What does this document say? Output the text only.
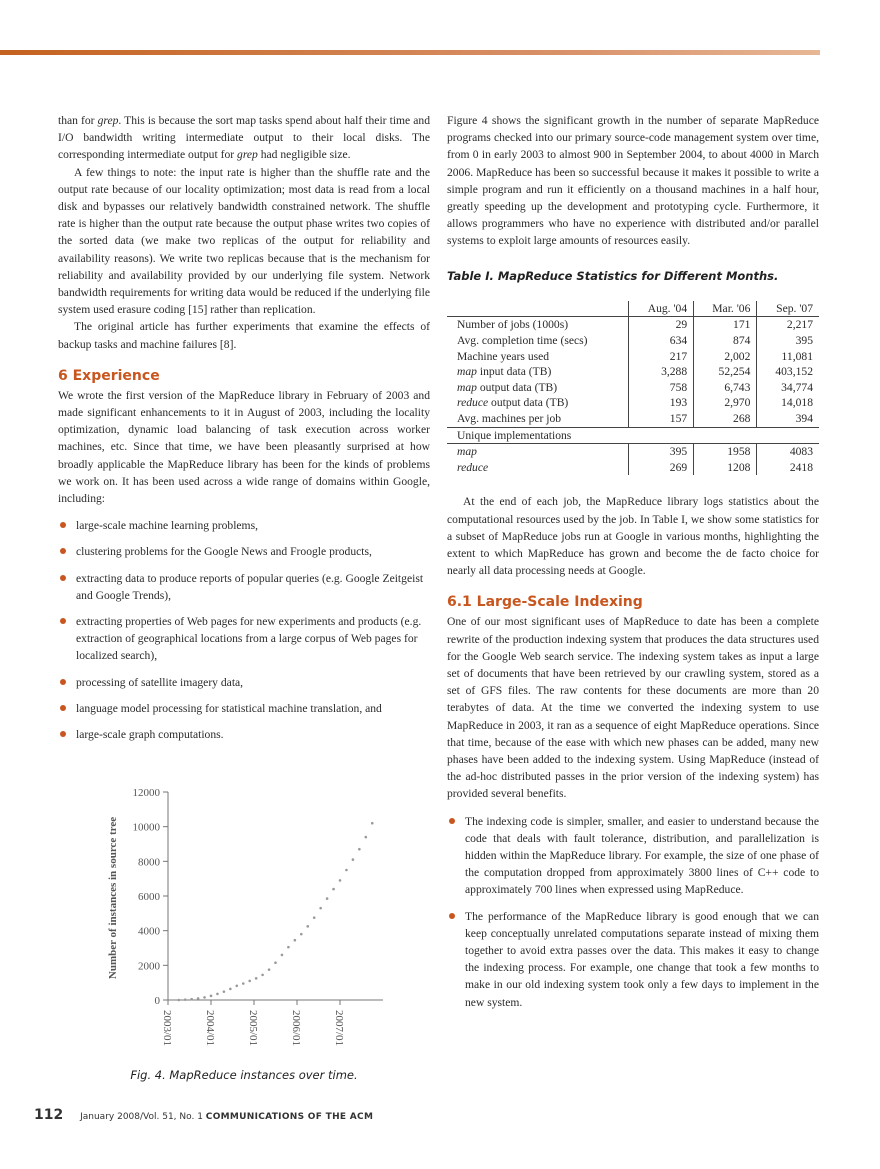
than for grep. This is because the sort map tasks spend about half their time and I/O bandwidth writing intermediate output to their local disks. The corresponding intermediate output for grep had negligible size.

A few things to note: the input rate is higher than the shuffle rate and the output rate because of our locality optimization; most data is read from a local disk and bypasses our relatively bandwidth constrained network. The shuffle rate is higher than the output rate because the output phase writes two copies of the sorted data (we make two replicas of the output for reliability and availability reasons). We write two replicas because that is the mechanism for reliability and availability provided by our underlying file system. Network bandwidth requirements for writing data would be reduced if the underlying file system used erasure coding [15] rather than replication.

The original article has further experiments that examine the effects of backup tasks and machine failures [8].

6 Experience

We wrote the first version of the MapReduce library in February of 2003 and made significant enhancements to it in August of 2003, including the locality optimization, dynamic load balancing of task execution across worker machines, etc. Since that time, we have been pleasantly surprised at how broadly applicable the MapReduce library has been for the kinds of problems we work on. It has been used across a wide range of domains within Google, including:

large-scale machine learning problems,
clustering problems for the Google News and Froogle products,
extracting data to produce reports of popular queries (e.g. Google Zeitgeist and Google Trends),
extracting properties of Web pages for new experiments and products (e.g. extraction of geographical locations from a large corpus of Web pages for localized search),
processing of satellite imagery data,
language model processing for statistical machine translation, and
large-scale graph computations.
Number of instances in source tree
0
2000
4000
6000
8000
10000
12000
2003/01	2004/01	2005/01	2006/01	2007/01
Fig. 4. MapReduce instances over time.

Figure 4 shows the significant growth in the number of separate MapReduce programs checked into our primary source-code management system over time, from 0 in early 2003 to almost 900 in September 2004, to about 4000 in March 2006. MapReduce has been so successful because it makes it possible to write a simple program and run it efficiently on a thousand machines in a half hour, greatly speeding up the development and prototyping cycle. Furthermore, it allows programmers who have no experience with distributed and/or parallel systems to exploit large amounts of resources easily.

Table I. MapReduce Statistics for Different Months.
	Aug. '04	Mar. '06	Sep. '07
Number of jobs (1000s)	29	171	2,217
Avg. completion time (secs)	634	874	395
Machine years used	217	2,002	11,081
map input data (TB)	3,288	52,254	403,152
map output data (TB)	758	6,743	34,774
reduce output data (TB)	193	2,970	14,018
Avg. machines per job	157	268	394
Unique implementations			
map	395	1958	4083
reduce	269	1208	2418

At the end of each job, the MapReduce library logs statistics about the computational resources used by the job. In Table I, we show some statistics for a subset of MapReduce jobs run at Google in various months, highlighting the extent to which MapReduce has grown and become the de facto choice for nearly all data processing needs at Google.

6.1 Large-Scale Indexing

One of our most significant uses of MapReduce to date has been a complete rewrite of the production indexing system that produces the data structures used for the Google Web search service. The indexing system takes as input a large set of documents that have been retrieved by our crawling system, stored as a set of GFS files. The raw contents for these documents are more than 20 terabytes of data. At the time we converted the indexing system to use MapReduce in 2003, it ran as a sequence of eight MapReduce operations. Since that time, because of the ease with which new phases can be added, many new phases have been added to the indexing system. Using MapReduce (instead of the ad-hoc distributed passes in the prior version of the indexing system) has provided several benefits.

The indexing code is simpler, smaller, and easier to understand because the code that deals with fault tolerance, distribution, and parallelization is hidden within the MapReduce library. For example, the size of one phase of the computation dropped from approximately 3800 lines of C++ code to approximately 700 lines when expressed using MapReduce.
The performance of the MapReduce library is good enough that we can keep conceptually unrelated computations separate instead of mixing them together to avoid extra passes over the data. This makes it easy to change the indexing process. For example, one change that took a few months to make in our old indexing system took only a few days to implement in the new system.
112 January 2008/Vol. 51, No. 1 COMMUNICATIONS OF THE ACM
